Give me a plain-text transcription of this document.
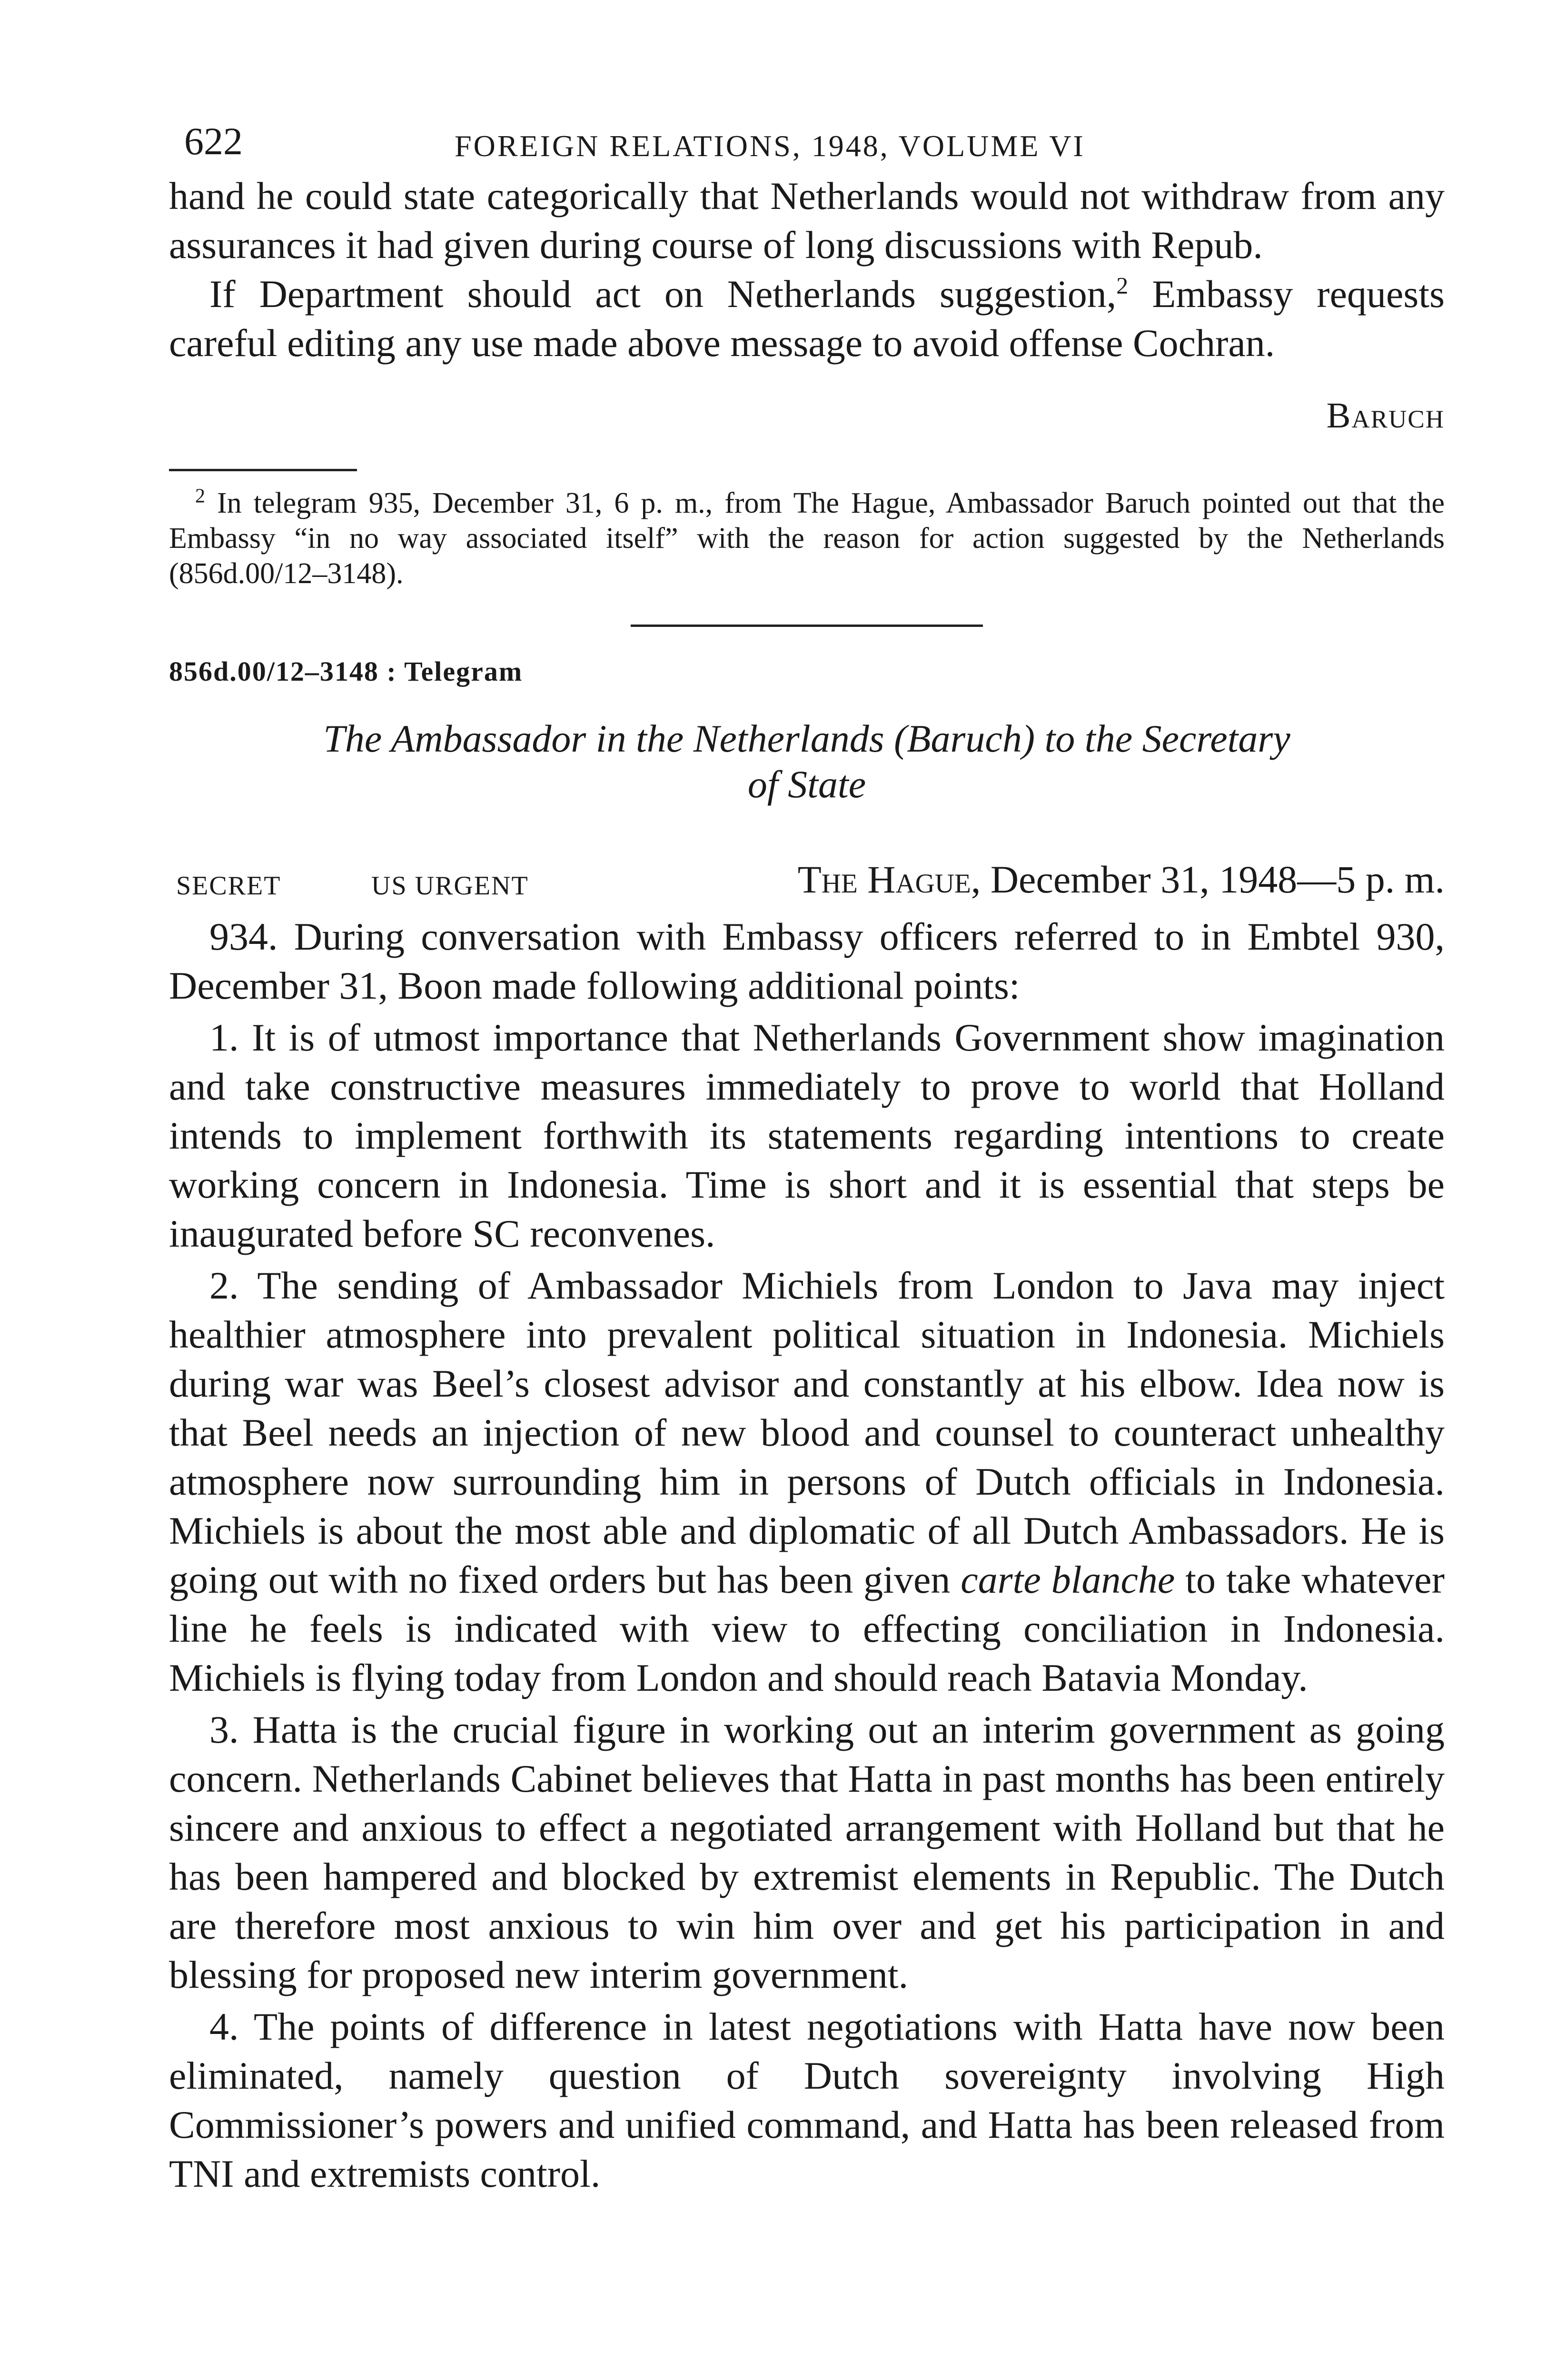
622	FOREIGN RELATIONS, 1948, VOLUME VI

hand he could state categorically that Netherlands would not withdraw from any assurances it had given during course of long discussions with Repub.

If Department should act on Netherlands suggestion,$^2$ Embassy requests careful editing any use made above message to avoid offense Cochran.

Baruch

$^2$ In telegram 935, December 31, 6 p. m., from The Hague, Ambassador Baruch pointed out that the Embassy “in no way associated itself” with the reason for action suggested by the Netherlands (856d.00/12–3148).

856d.00/12–3148 : Telegram
The Ambassador in the Netherlands (Baruch) to the Secretary
of State
SECRET	US URGENT	The Hague, December 31, 1948—5 p. m.

934. During conversation with Embassy officers referred to in Embtel 930, December 31, Boon made following additional points:

1. It is of utmost importance that Netherlands Government show imagination and take constructive measures immediately to prove to world that Holland intends to implement forthwith its statements regarding intentions to create working concern in Indonesia. Time is short and it is essential that steps be inaugurated before SC reconvenes.

2. The sending of Ambassador Michiels from London to Java may inject healthier atmosphere into prevalent political situation in Indonesia. Michiels during war was Beel’s closest advisor and constantly at his elbow. Idea now is that Beel needs an injection of new blood and counsel to counteract unhealthy atmosphere now surrounding him in persons of Dutch officials in Indonesia. Michiels is about the most able and diplomatic of all Dutch Ambassadors. He is going out with no fixed orders but has been given carte blanche to take whatever line he feels is indicated with view to effecting conciliation in Indonesia. Michiels is flying today from London and should reach Batavia Monday.

3. Hatta is the crucial figure in working out an interim government as going concern. Netherlands Cabinet believes that Hatta in past months has been entirely sincere and anxious to effect a negotiated arrangement with Holland but that he has been hampered and blocked by extremist elements in Republic. The Dutch are therefore most anxious to win him over and get his participation in and blessing for proposed new interim government.

4. The points of difference in latest negotiations with Hatta have now been eliminated, namely question of Dutch sovereignty involving High Commissioner’s powers and unified command, and Hatta has been released from TNI and extremists control.
